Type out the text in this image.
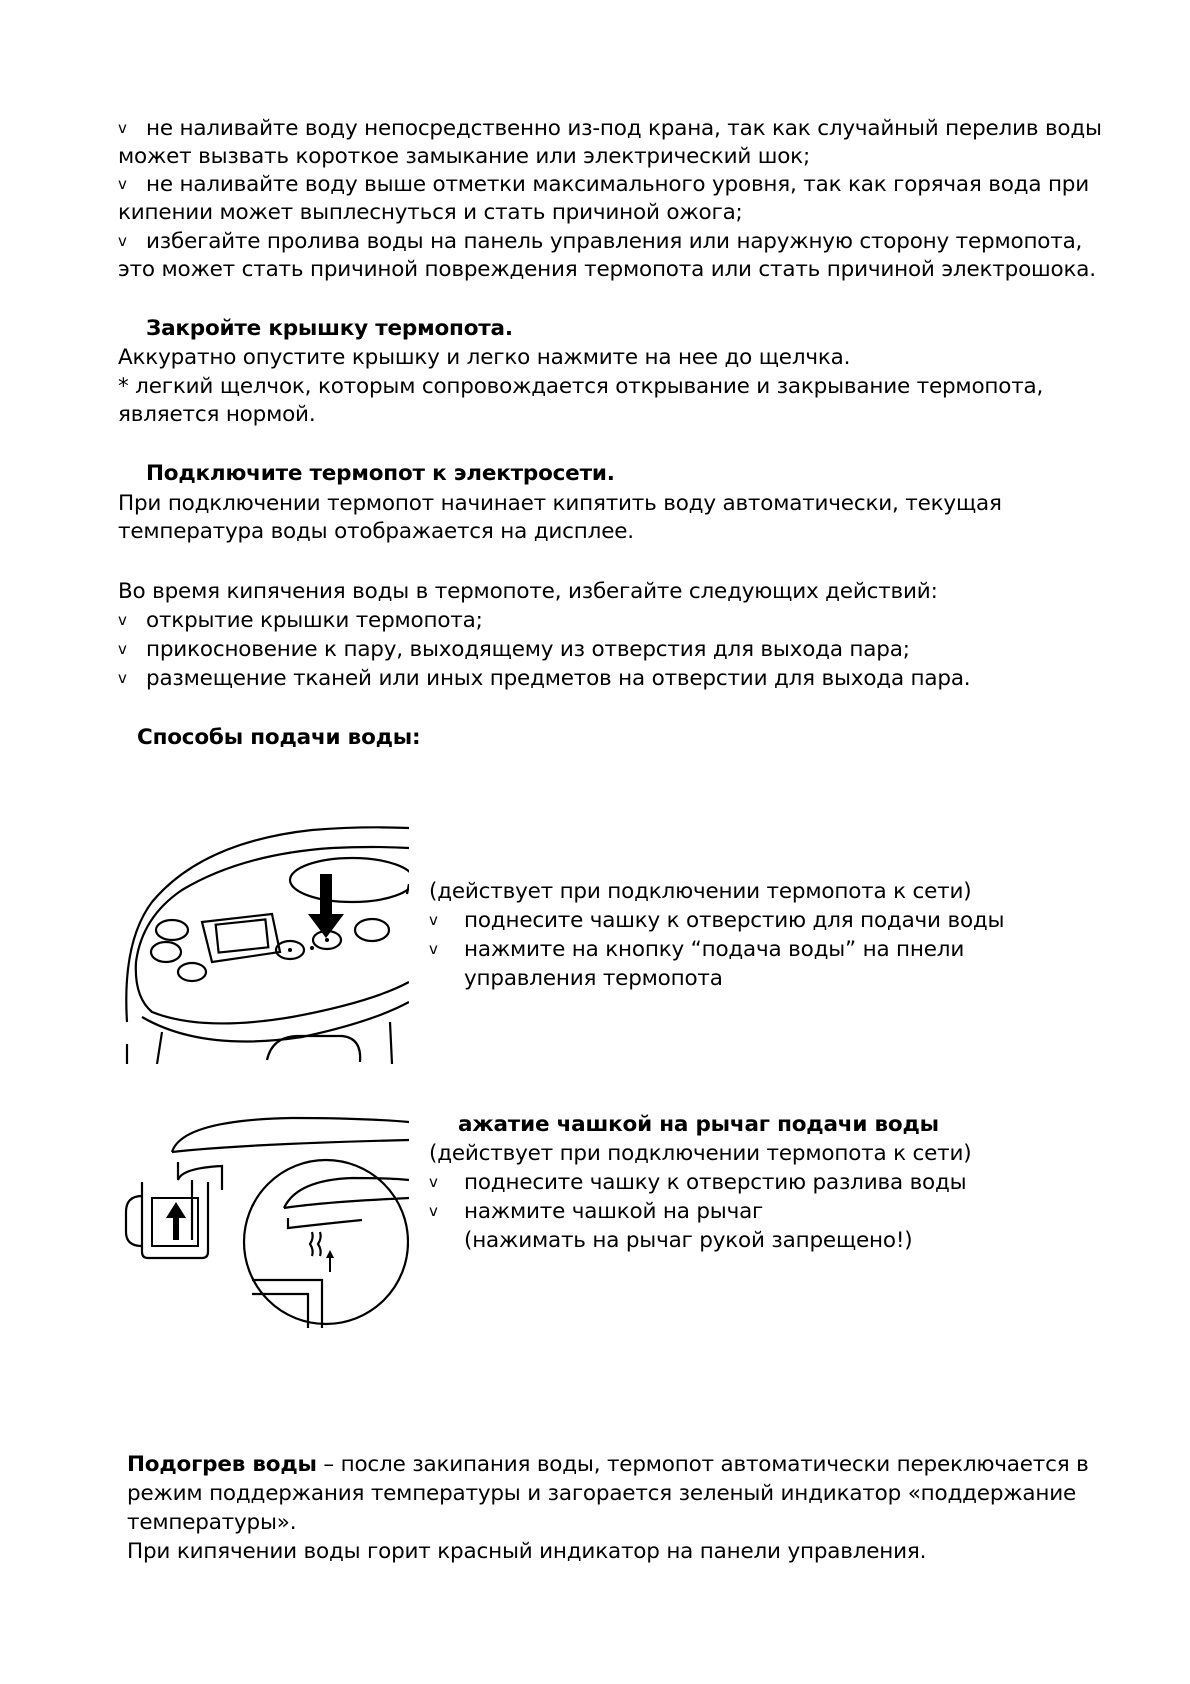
v не наливайте воду непосредственно из-под крана, так как случайный перелив воды
может вызвать короткое замыкание или электрический шок;
v не наливайте воду выше отметки максимального уровня, так как горячая вода при
кипении может выплеснуться и стать причиной ожога;
v избегайте пролива воды на панель управления или наружную сторону термопота,
это может стать причиной повреждения термопота или стать причиной электрошока.
Закройте крышку термопота.
Аккуратно опустите крышку и легко нажмите на нее до щелчка.
* легкий щелчок, которым сопровождается открывание и закрывание термопота,
является нормой.
Подключите термопот к электросети.
При подключении термопот начинает кипятить воду автоматически, текущая
температура воды отображается на дисплее.
Во время кипячения воды в термопоте, избегайте следующих действий:
v открытие крышки термопота;
v прикосновение к пару, выходящему из отверстия для выхода пара;
v размещение тканей или иных предметов на отверстии для выхода пара.
Способы подачи воды:
(действует при подключении термопота к сети)
v поднесите чашку к отверстию для подачи воды
v нажмите на кнопку “подача воды” на пнели
управления термопота
ажатие чашкой на рычаг подачи воды
(действует при подключении термопота к сети)
v поднесите чашку к отверстию разлива воды
v нажмите чашкой на рычаг
(нажимать на рычаг рукой запрещено!)
Подогрев воды – после закипания воды, термопот автоматически переключается в
режим поддержания температуры и загорается зеленый индикатор «поддержание
температуры».
При кипячении воды горит красный индикатор на панели управления.
